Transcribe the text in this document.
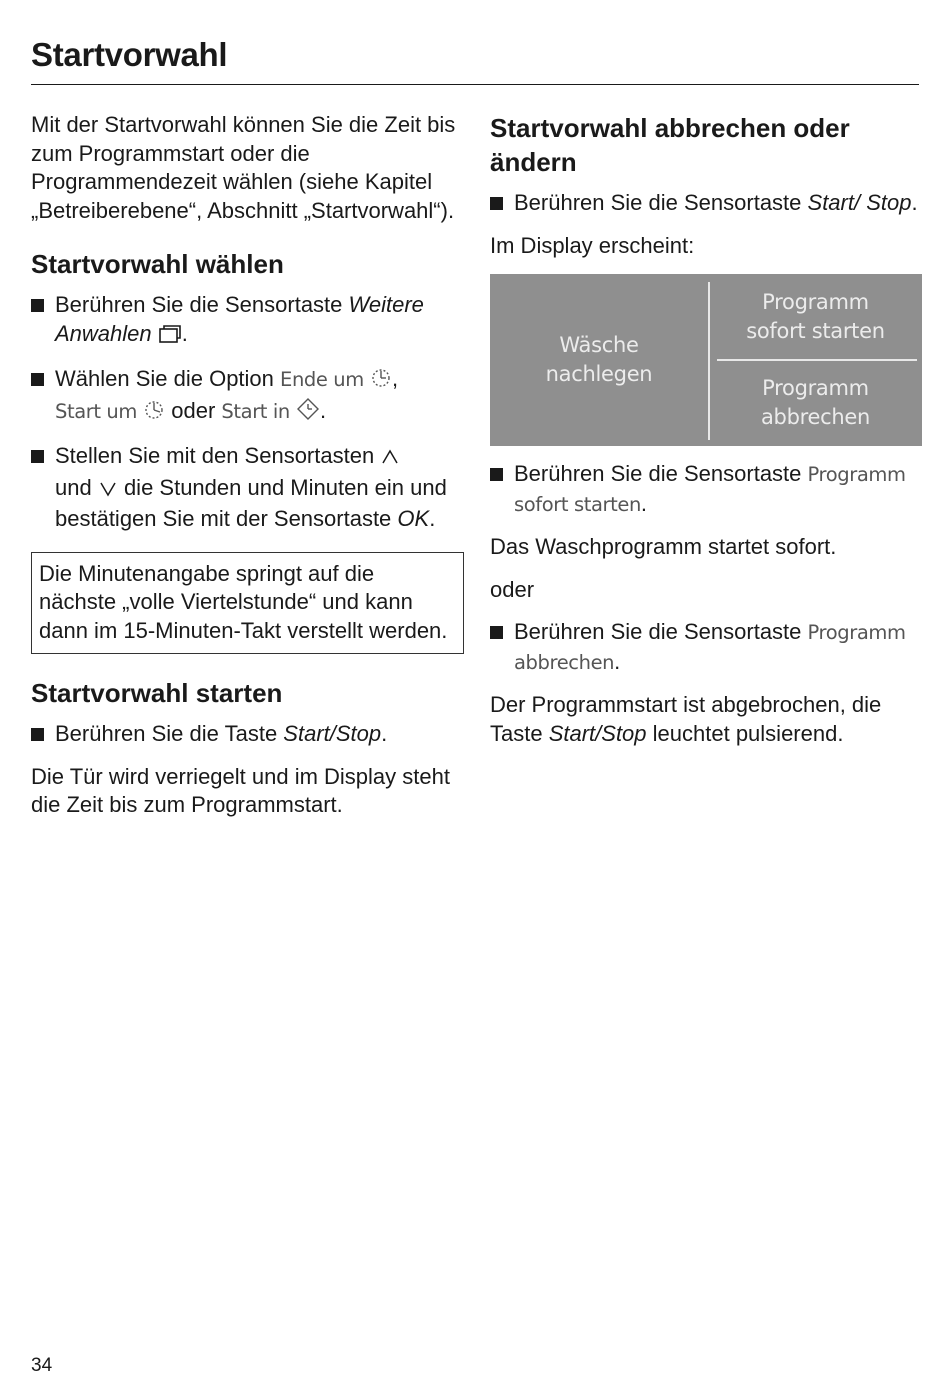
Startvorwahl

Mit der Startvorwahl können Sie die Zeit bis zum Programmstart oder die Programmendezeit wählen (siehe Kapitel „Betreiberebene“, Abschnitt „Startvorwahl“).

Startvorwahl wählen
Berühren Sie die Sensortaste Weitere Anwahlen .
Wählen Sie die Option Ende um ,
Start um oder Start in .
Stellen Sie mit den Sensortasten
und  die Stunden und Minuten ein und bestätigen Sie mit der Sensortaste OK.
Die Minutenangabe springt auf die nächste „volle Viertelstunde“ und kann dann im 15-Minuten-Takt verstellt werden.
Startvorwahl starten
Berühren Sie die Taste Start/Stop.

Die Tür wird verriegelt und im Display steht die Zeit bis zum Programmstart.

Startvorwahl abbrechen oder ändern
Berühren Sie die Sensortaste Start/ Stop.

Im Display erscheint:

Wäsche
nachlegen
Programm
sofort starten
Programm
abbrechen
Berühren Sie die Sensortaste Programm sofort starten.

Das Waschprogramm startet sofort.

oder

Berühren Sie die Sensortaste Programm abbrechen.

Der Programmstart ist abgebrochen, die Taste Start/Stop leuchtet pulsierend.

34
